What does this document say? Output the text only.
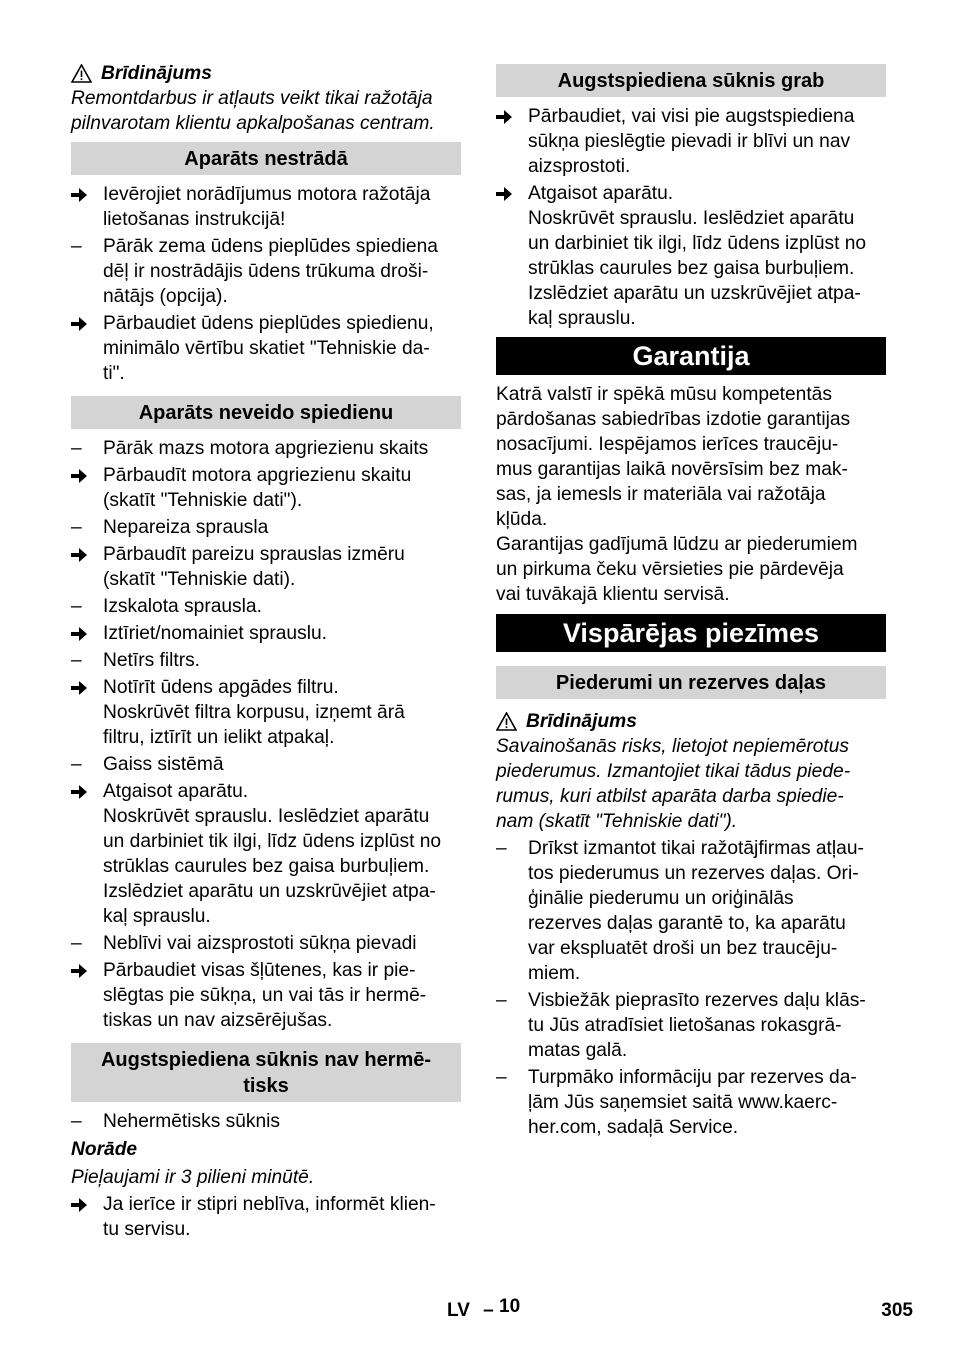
Brīdinājums
Remontdarbus ir atļauts veikt tikai ražotāja
pilnvarotam klientu apkalpošanas centram.
Aparāts nestrādā
Ievērojiet norādījumus motora ražotāja
lietošanas instrukcijā!
–	Pārāk zema ūdens pieplūdes spiediena
dēļ ir nostrādājis ūdens trūkuma droši-
nātājs (opcija).
Pārbaudiet ūdens pieplūdes spiedienu,
minimālo vērtību skatiet "Tehniskie da-
ti".
Aparāts neveido spiedienu
–	Pārāk mazs motora apgriezienu skaits
Pārbaudīt motora apgriezienu skaitu
(skatīt "Tehniskie dati").
–	Nepareiza sprausla
Pārbaudīt pareizu sprauslas izmēru
(skatīt "Tehniskie dati).
–	Izskalota sprausla.
Iztīriet/nomainiet sprauslu.
–	Netīrs filtrs.
Notīrīt ūdens apgādes filtru.
Noskrūvēt filtra korpusu, izņemt ārā
filtru, iztīrīt un ielikt atpakaļ.
–	Gaiss sistēmā
Atgaisot aparātu.
Noskrūvēt sprauslu. Ieslēdziet aparātu
un darbiniet tik ilgi, līdz ūdens izplūst no
strūklas caurules bez gaisa burbuļiem.
Izslēdziet aparātu un uzskrūvējiet atpa-
kaļ sprauslu.
–	Neblīvi vai aizsprostoti sūkņa pievadi
Pārbaudiet visas šļūtenes, kas ir pie-
slēgtas pie sūkņa, un vai tās ir hermē-
tiskas un nav aizsērējušas.
Augstspiediena sūknis nav hermē-
tisks
–	Nehermētisks sūknis
Norāde
Pieļaujami ir 3 pilieni minūtē.
Ja ierīce ir stipri neblīva, informēt klien-
tu servisu.
Augstspiediena sūknis grab
Pārbaudiet, vai visi pie augstspiediena
sūkņa pieslēgtie pievadi ir blīvi un nav
aizsprostoti.
Atgaisot aparātu.
Noskrūvēt sprauslu. Ieslēdziet aparātu
un darbiniet tik ilgi, līdz ūdens izplūst no
strūklas caurules bez gaisa burbuļiem.
Izslēdziet aparātu un uzskrūvējiet atpa-
kaļ sprauslu.
Garantija
Katrā valstī ir spēkā mūsu kompetentās
pārdošanas sabiedrības izdotie garantijas
nosacījumi. Iespējamos ierīces traucēju-
mus garantijas laikā novērsīsim bez mak-
sas, ja iemesls ir materiāla vai ražotāja
kļūda.
Garantijas gadījumā lūdzu ar piederumiem
un pirkuma čeku vērsieties pie pārdevēja
vai tuvākajā klientu servisā.
Vispārējas piezīmes
Piederumi un rezerves daļas
Brīdinājums
Savainošanās risks, lietojot nepiemērotus
piederumus. Izmantojiet tikai tādus piede-
rumus, kuri atbilst aparāta darba spiedie-
nam (skatīt "Tehniskie dati").
–	Drīkst izmantot tikai ražotājfirmas atļau-
tos piederumus un rezerves daļas. Ori-
ģinālie piederumu un oriģinālās
rezerves daļas garantē to, ka aparātu
var ekspluatēt droši un bez traucēju-
miem.
–	Visbiežāk pieprasīto rezerves daļu klās-
tu Jūs atradīsiet lietošanas rokasgrā-
matas galā.
–	Turpmāko informāciju par rezerves da-
ļām Jūs saņemsiet saitā www.kaerc-
her.com, sadaļā Service.
LV – 10	305
